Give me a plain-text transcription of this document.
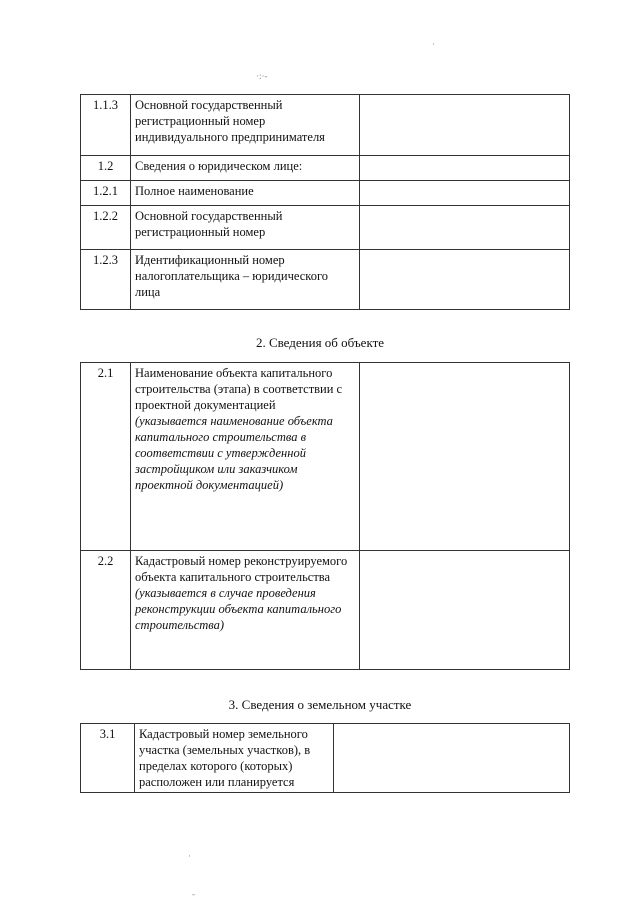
·:·-
·
·
-
1.1.3	Основной государственный регистрационный номер индивидуального предпринимателя	
1.2	Сведения о юридическом лице:	
1.2.1	Полное наименование	
1.2.2	Основной государственный регистрационный номер	
1.2.3	Идентификационный номер налогоплательщика – юридического лица	
2. Сведения об объекте
2.1	Наименование объекта капитального строительства (этапа) в соответствии с проектной документацией
(указывается наименование объекта капитального строительства в соответствии с утвержденной застройщиком или заказчиком проектной документацией)	

2.2	Кадастровый номер реконструируемого объекта капитального строительства
(указывается в случае проведения реконструкции объекта капитального строительства)	

3. Сведения о земельном участке
3.1	Кадастровый номер земельного участка (земельных участков), в пределах которого (которых) расположен или планируется	
